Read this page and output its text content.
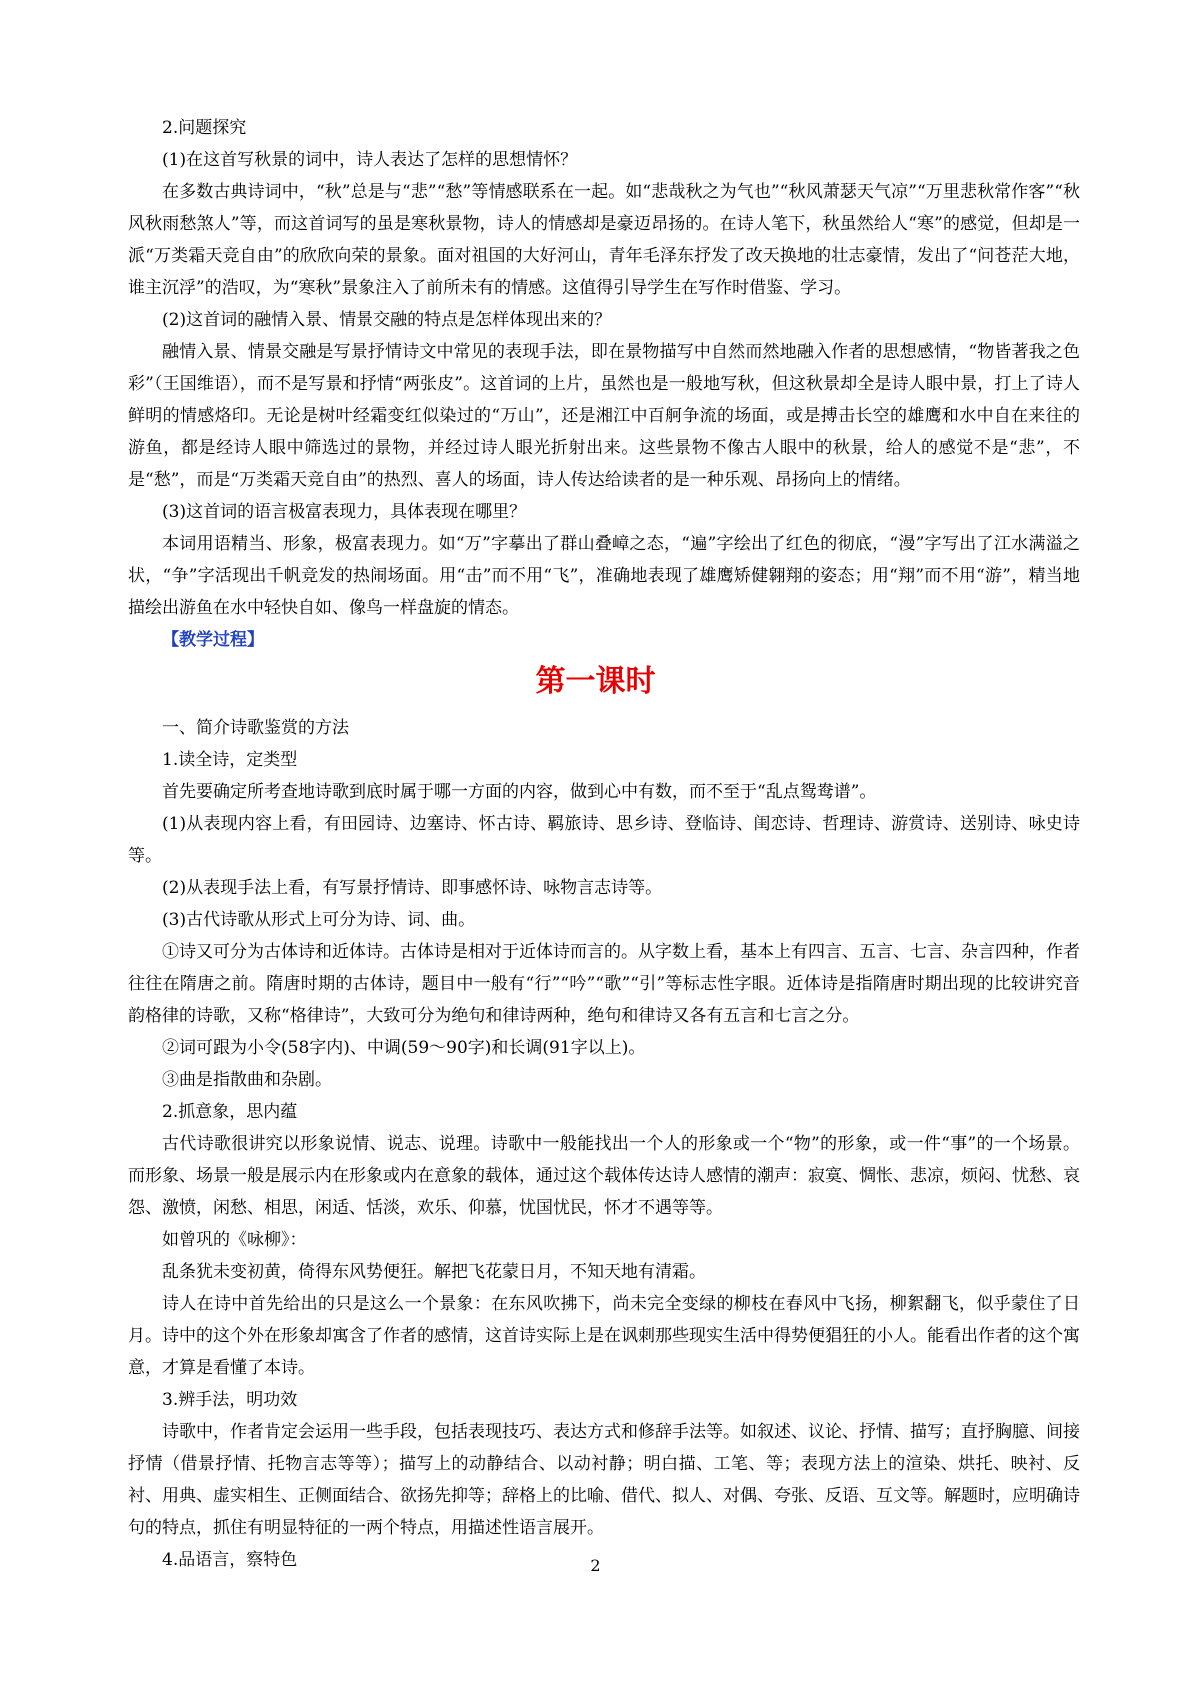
2.问题探究

(1)在这首写秋景的词中，诗人表达了怎样的思想情怀？

在多数古典诗词中，“秋”总是与“悲”“愁”等情感联系在一起。如“悲哉秋之为气也”“秋风萧瑟天气凉”“万里悲秋常作客”“秋风秋雨愁煞人”等，而这首词写的虽是寒秋景物，诗人的情感却是豪迈昂扬的。在诗人笔下，秋虽然给人“寒”的感觉，但却是一派“万类霜天竞自由”的欣欣向荣的景象。面对祖国的大好河山，青年毛泽东抒发了改天换地的壮志豪情，发出了“问苍茫大地，谁主沉浮”的浩叹，为“寒秋”景象注入了前所未有的情感。这值得引导学生在写作时借鉴、学习。

(2)这首词的融情入景、情景交融的特点是怎样体现出来的？

融情入景、情景交融是写景抒情诗文中常见的表现手法，即在景物描写中自然而然地融入作者的思想感情，“物皆著我之色彩”（王国维语），而不是写景和抒情“两张皮”。这首词的上片，虽然也是一般地写秋，但这秋景却全是诗人眼中景，打上了诗人鲜明的情感烙印。无论是树叶经霜变红似染过的“万山”，还是湘江中百舸争流的场面，或是搏击长空的雄鹰和水中自在来往的游鱼，都是经诗人眼中筛选过的景物，并经过诗人眼光折射出来。这些景物不像古人眼中的秋景，给人的感觉不是“悲”，不是“愁”，而是“万类霜天竞自由”的热烈、喜人的场面，诗人传达给读者的是一种乐观、昂扬向上的情绪。

(3)这首词的语言极富表现力，具体表现在哪里？

本词用语精当、形象，极富表现力。如“万”字摹出了群山叠嶂之态，“遍”字绘出了红色的彻底，“漫”字写出了江水满溢之状，“争”字活现出千帆竞发的热闹场面。用“击”而不用“飞”，准确地表现了雄鹰矫健翱翔的姿态；用“翔”而不用“游”，精当地描绘出游鱼在水中轻快自如、像鸟一样盘旋的情态。

【教学过程】

第一课时

一、简介诗歌鉴赏的方法

1.读全诗，定类型

首先要确定所考查地诗歌到底时属于哪一方面的内容，做到心中有数，而不至于“乱点鸳鸯谱”。

(1)从表现内容上看，有田园诗、边塞诗、怀古诗、羁旅诗、思乡诗、登临诗、闺恋诗、哲理诗、游赏诗、送别诗、咏史诗等。

(2)从表现手法上看，有写景抒情诗、即事感怀诗、咏物言志诗等。

(3)古代诗歌从形式上可分为诗、词、曲。

①诗又可分为古体诗和近体诗。古体诗是相对于近体诗而言的。从字数上看，基本上有四言、五言、七言、杂言四种，作者往往在隋唐之前。隋唐时期的古体诗，题目中一般有“行”“吟”“歌”“引”等标志性字眼。近体诗是指隋唐时期出现的比较讲究音韵格律的诗歌，又称“格律诗”，大致可分为绝句和律诗两种，绝句和律诗又各有五言和七言之分。

②词可跟为小令(58字内)、中调(59～90字)和长调(91字以上)。

③曲是指散曲和杂剧。

2.抓意象，思内蕴

古代诗歌很讲究以形象说情、说志、说理。诗歌中一般能找出一个人的形象或一个“物”的形象，或一件“事”的一个场景。而形象、场景一般是展示内在形象或内在意象的载体，通过这个载体传达诗人感情的潮声：寂寞、惆怅、悲凉，烦闷、忧愁、哀怨、激愤，闲愁、相思，闲适、恬淡，欢乐、仰慕，忧国忧民，怀才不遇等等。

如曾巩的《咏柳》：

乱条犹未变初黄，倚得东风势便狂。解把飞花蒙日月，不知天地有清霜。

诗人在诗中首先给出的只是这么一个景象：在东风吹拂下，尚未完全变绿的柳枝在春风中飞扬，柳絮翻飞，似乎蒙住了日月。诗中的这个外在形象却寓含了作者的感情，这首诗实际上是在讽刺那些现实生活中得势便猖狂的小人。能看出作者的这个寓意，才算是看懂了本诗。

3.辨手法，明功效

诗歌中，作者肯定会运用一些手段，包括表现技巧、表达方式和修辞手法等。如叙述、议论、抒情、描写；直抒胸臆、间接抒情（借景抒情、托物言志等等）；描写上的动静结合、以动衬静；明白描、工笔、等；表现方法上的渲染、烘托、映衬、反衬、用典、虚实相生、正侧面结合、欲扬先抑等；辞格上的比喻、借代、拟人、对偶、夸张、反语、互文等。解题时，应明确诗句的特点，抓住有明显特征的一两个特点，用描述性语言展开。

4.品语言，察特色	2
